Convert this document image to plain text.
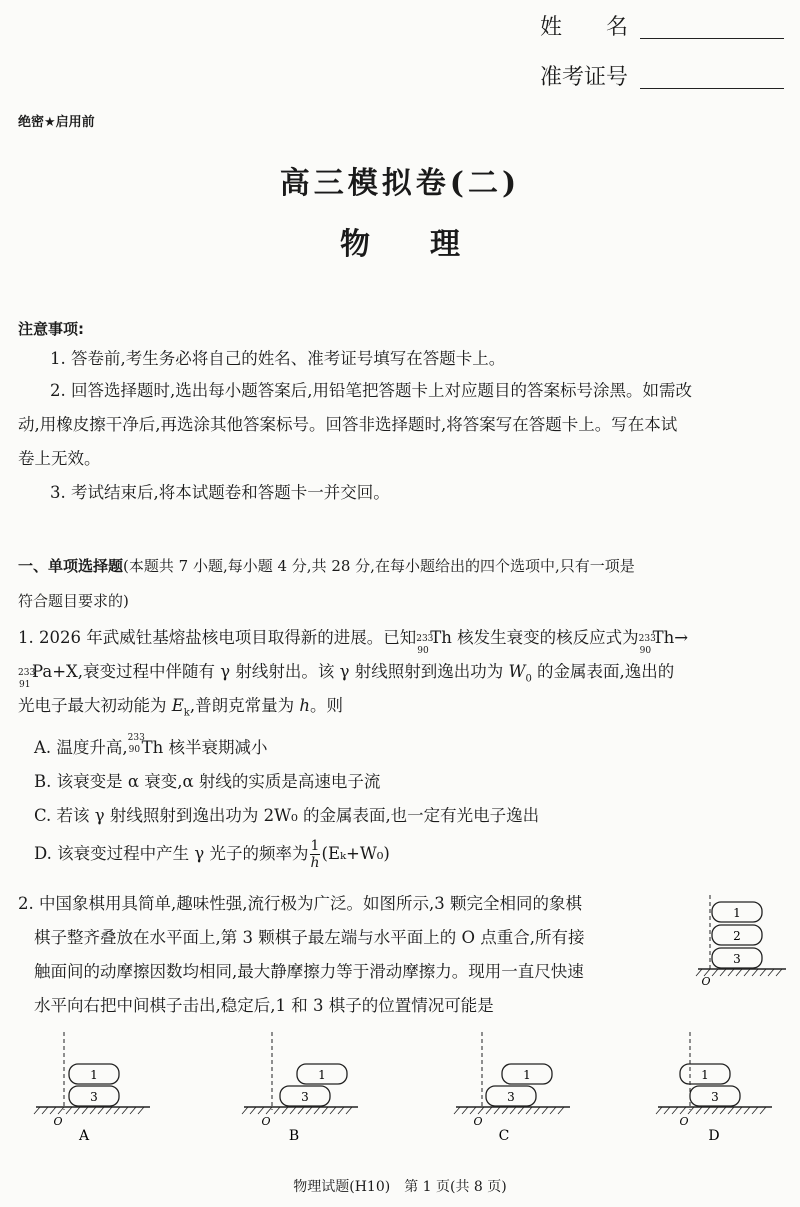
姓　　名
准考证号
绝密★启用前
高三模拟卷(二)
物　　理
注意事项:
1. 答卷前,考生务必将自己的姓名、准考证号填写在答题卡上。
2. 回答选择题时,选出每小题答案后,用铅笔把答题卡上对应题目的答案标号涂黑。如需改
动,用橡皮擦干净后,再选涂其他答案标号。回答非选择题时,将答案写在答题卡上。写在本试
卷上无效。
3. 考试结束后,将本试题卷和答题卡一并交回。
一、单项选择题(本题共 7 小题,每小题 4 分,共 28 分,在每小题给出的四个选项中,只有一项是
符合题目要求的)
1. 2026 年武威钍基熔盐核电项目取得新的进展。已知 233
90
Th 核发生衰变的核反应式为 233
90
Th→
233
91
Pa+X,衰变过程中伴随有 γ 射线射出。该 γ 射线照射到逸出功为 $W_0$ 的金属表面,逸出的
光电子最大初动能为 $E_k$,普朗克常量为 h。则
A. 温度升高, 233
90 Th 核半衰期减小
B. 该衰变是 α 衰变,α 射线的实质是高速电子流
C. 若该 γ 射线照射到逸出功为 2W₀ 的金属表面,也一定有光电子逸出
D. 该衰变过程中产生 γ 光子的频率为 $\frac{1}{h} (E_k+W_0)$
2. 中国象棋用具简单,趣味性强,流行极为广泛。如图所示,3 颗完全相同的象棋
棋子整齐叠放在水平面上,第 3 颗棋子最左端与水平面上的 O 点重合,所有接
触面间的动摩擦因数均相同,最大静摩擦力等于滑动摩擦力。现用一直尺快速
水平向右把中间棋子击出,稳定后,1 和 3 棋子的位置情况可能是
1
2
3
O
1
3
O
A
1
3
O
B
1
3
O
C
1
3
O
D
物理试题(H10)　第 1 页(共 8 页)
